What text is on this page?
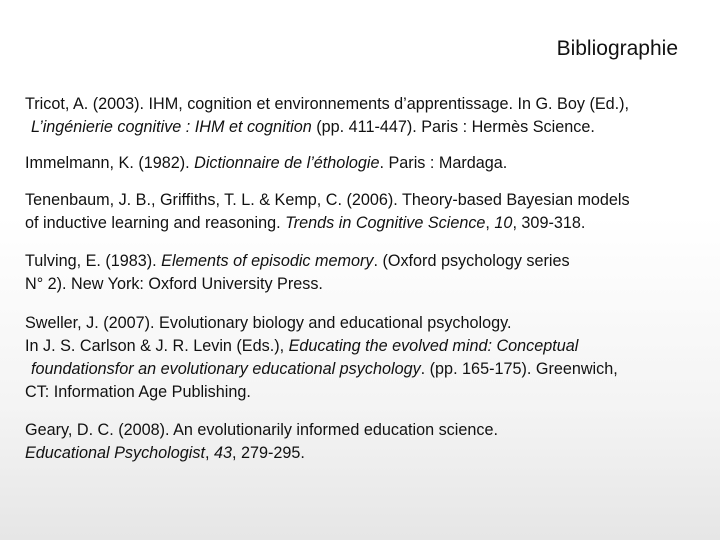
Bibliographie

Tricot, A. (2003). IHM, cognition et environnements d’apprentissage. In G. Boy (Ed.),
L’ingénierie cognitive : IHM et cognition (pp. 411-447). Paris : Hermès Science.

Immelmann, K. (1982). Dictionnaire de l’éthologie. Paris : Mardaga.

Tenenbaum, J. B., Griffiths, T. L. & Kemp, C. (2006). Theory-based Bayesian models
of inductive learning and reasoning. Trends in Cognitive Science, 10, 309-318.

Tulving, E. (1983). Elements of episodic memory. (Oxford psychology series
N° 2). New York: Oxford University Press.

Sweller, J. (2007). Evolutionary biology and educational psychology.
In J. S. Carlson & J. R. Levin (Eds.), Educating the evolved mind: Conceptual
foundationsfor an evolutionary educational psychology. (pp. 165-175). Greenwich,
CT: Information Age Publishing.

Geary, D. C. (2008). An evolutionarily informed education science.
Educational Psychologist, 43, 279-295.
